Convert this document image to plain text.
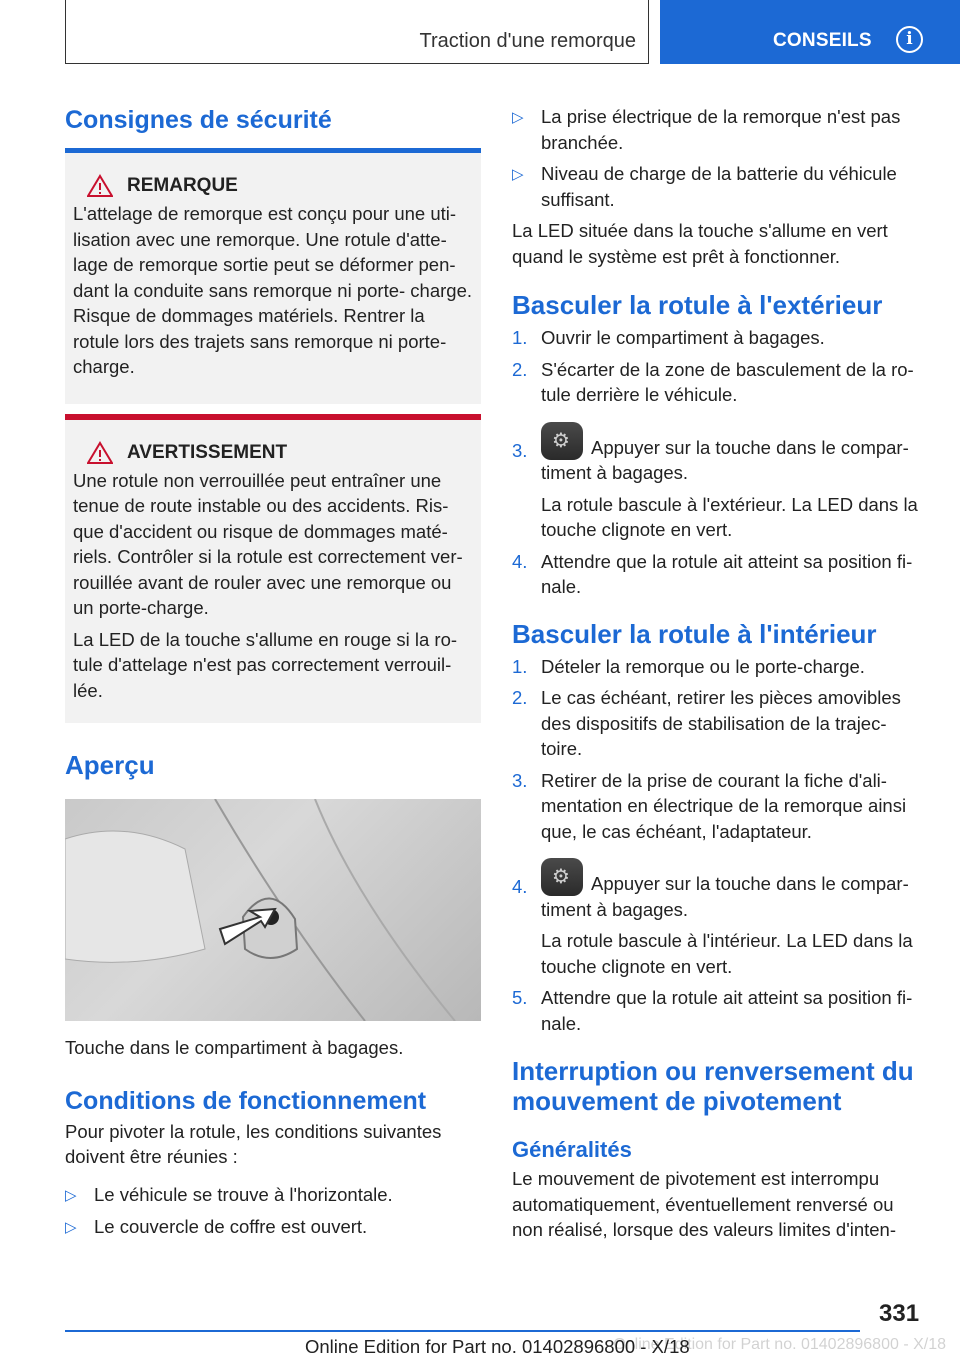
Traction d'une remorque	CONSEILS	i
Consignes de sécurité
REMARQUE

L'attelage de remorque est conçu pour une uti- lisation avec une remorque. Une rotule d'atte- lage de remorque sortie peut se déformer pen- dant la conduite sans remorque ni porte- charge. Risque de dommages matériels. Rentrer la rotule lors des trajets sans remorque ni porte-charge.

AVERTISSEMENT

Une rotule non verrouillée peut entraîner une tenue de route instable ou des accidents. Ris- que d'accident ou risque de dommages maté- riels. Contrôler si la rotule est correctement ver- rouillée avant de rouler avec une remorque ou un porte-charge.

La LED de la touche s'allume en rouge si la ro- tule d'attelage n'est pas correctement verrouil- lée.

Aperçu

Touche dans le compartiment à bagages.

Conditions de fonctionnement

Pour pivoter la rotule, les conditions suivantes doivent être réunies :

▷ Le véhicule se trouve à l'horizontale.
▷ Le couvercle de coffre est ouvert.
▷ La prise électrique de la remorque n'est pas branchée.
▷ Niveau de charge de la batterie du véhicule suffisant.

La LED située dans la touche s'allume en vert quand le système est prêt à fonctionner.

Basculer la rotule à l'extérieur
1. Ouvrir le compartiment à bagages.
2. S'écarter de la zone de basculement de la ro- tule derrière le véhicule.
3. ⚙	Appuyer sur la touche dans le compar- timent à bagages.
La rotule bascule à l'extérieur. La LED dans la touche clignote en vert.
4. Attendre que la rotule ait atteint sa position fi- nale.
Basculer la rotule à l'intérieur
1. Dételer la remorque ou le porte-charge.
2. Le cas échéant, retirer les pièces amovibles des dispositifs de stabilisation de la trajec- toire.
3. Retirer de la prise de courant la fiche d'ali- mentation en électrique de la remorque ainsi que, le cas échéant, l'adaptateur.
4. ⚙	Appuyer sur la touche dans le compar- timent à bagages.
La rotule bascule à l'intérieur. La LED dans la touche clignote en vert.
5. Attendre que la rotule ait atteint sa position fi- nale.
Interruption ou renversement du mouvement de pivotement
Généralités

Le mouvement de pivotement est interrompu automatiquement, éventuellement renversé ou non réalisé, lorsque des valeurs limites d'inten-

331
Online Edition for Part no. 01402896800 - X/18
Online Edition for Part no. 01402896800 - X/18
